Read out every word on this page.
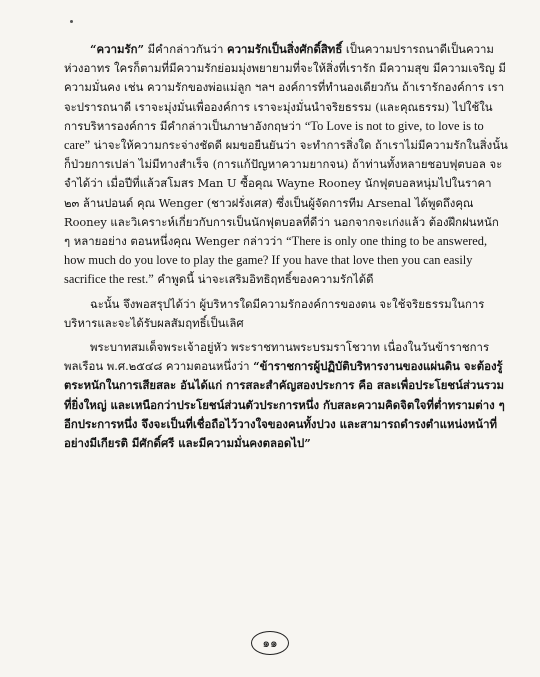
“ความรัก” มีคำกล่าวกันว่า ความรักเป็นสิ่งศักดิ์สิทธิ์ เป็นความปรารถนาดีเป็นความห่วงอาทร ใครก็ตามที่มีความรักย่อมมุ่งพยายามที่จะให้สิ่งที่เรารัก มีความสุข มีความเจริญ มีความมั่นคง เช่น ความรักของพ่อแม่ลูก ฯลฯ องค์การที่ทำนองเดียวกัน ถ้าเรารักองค์การ เราจะปรารถนาดี เราจะมุ่งมั่นเพื่อองค์การ เราจะมุ่งมั่นนำจริยธรรม (และคุณธรรม) ไปใช้ในการบริหารองค์การ มีคำกล่าวเป็นภาษาอังกฤษว่า “To Love is not to give, to love is to care” น่าจะให้ความกระจ่างชัดดี ผมขอยืนยันว่า จะทำการสิ่งใด ถ้าเราไม่มีความรักในสิ่งนั้นก็ป่วยการเปล่า ไม่มีทางสำเร็จ (การแก้ปัญหาความยากจน) ถ้าท่านทั้งหลายชอบฟุตบอล จะจำได้ว่า เมื่อปีที่แล้วสโมสร Man U ซื้อคุณ Wayne Rooney นักฟุตบอลหนุ่มไปในราคา ๒๓ ล้านปอนด์ คุณ Wenger (ชาวฝรั่งเศส) ซึ่งเป็นผู้จัดการทีม Arsenal ได้พูดถึงคุณ Rooney และวิเคราะห์เกี่ยวกับการเป็นนักฟุตบอลที่ดีว่า นอกจากจะเก่งแล้ว ต้องฝึกฝนหนัก ๆ หลายอย่าง ตอนหนึ่งคุณ Wenger กล่าวว่า “There is only one thing to be answered, how much do you love to play the game? If you have that love then you can easily sacrifice the rest.” คำพูดนี้ น่าจะเสริมอิทธิฤทธิ์ของความรักได้ดี

ฉะนั้น จึงพอสรุปได้ว่า ผู้บริหารใดมีความรักองค์การของตน จะใช้จริยธรรมในการบริหารและจะได้รับผลสัมฤทธิ์เป็นเลิศ

พระบาทสมเด็จพระเจ้าอยู่หัว พระราชทานพระบรมราโชวาท เนื่องในวันข้าราชการพลเรือน พ.ศ.๒๕๔๘ ความตอนหนึ่งว่า “ข้าราชการผู้ปฏิบัติบริหารงานของแผ่นดิน จะต้องรู้ตระหนักในการเสียสละ อันได้แก่ การสละสำคัญสองประการ คือ สละเพื่อประโยชน์ส่วนรวมที่ยิ่งใหญ่ และเหนือกว่าประโยชน์ส่วนตัวประการหนึ่ง กับสละความคิดจิตใจที่ต่ำทรามต่าง ๆ อีกประการหนึ่ง จึงจะเป็นที่เชื่อถือไว้วางใจของคนทั้งปวง และสามารถดำรงตำแหน่งหน้าที่อย่างมีเกียรติ มีศักดิ์ศรี และมีความมั่นคงตลอดไป”

๑๑
